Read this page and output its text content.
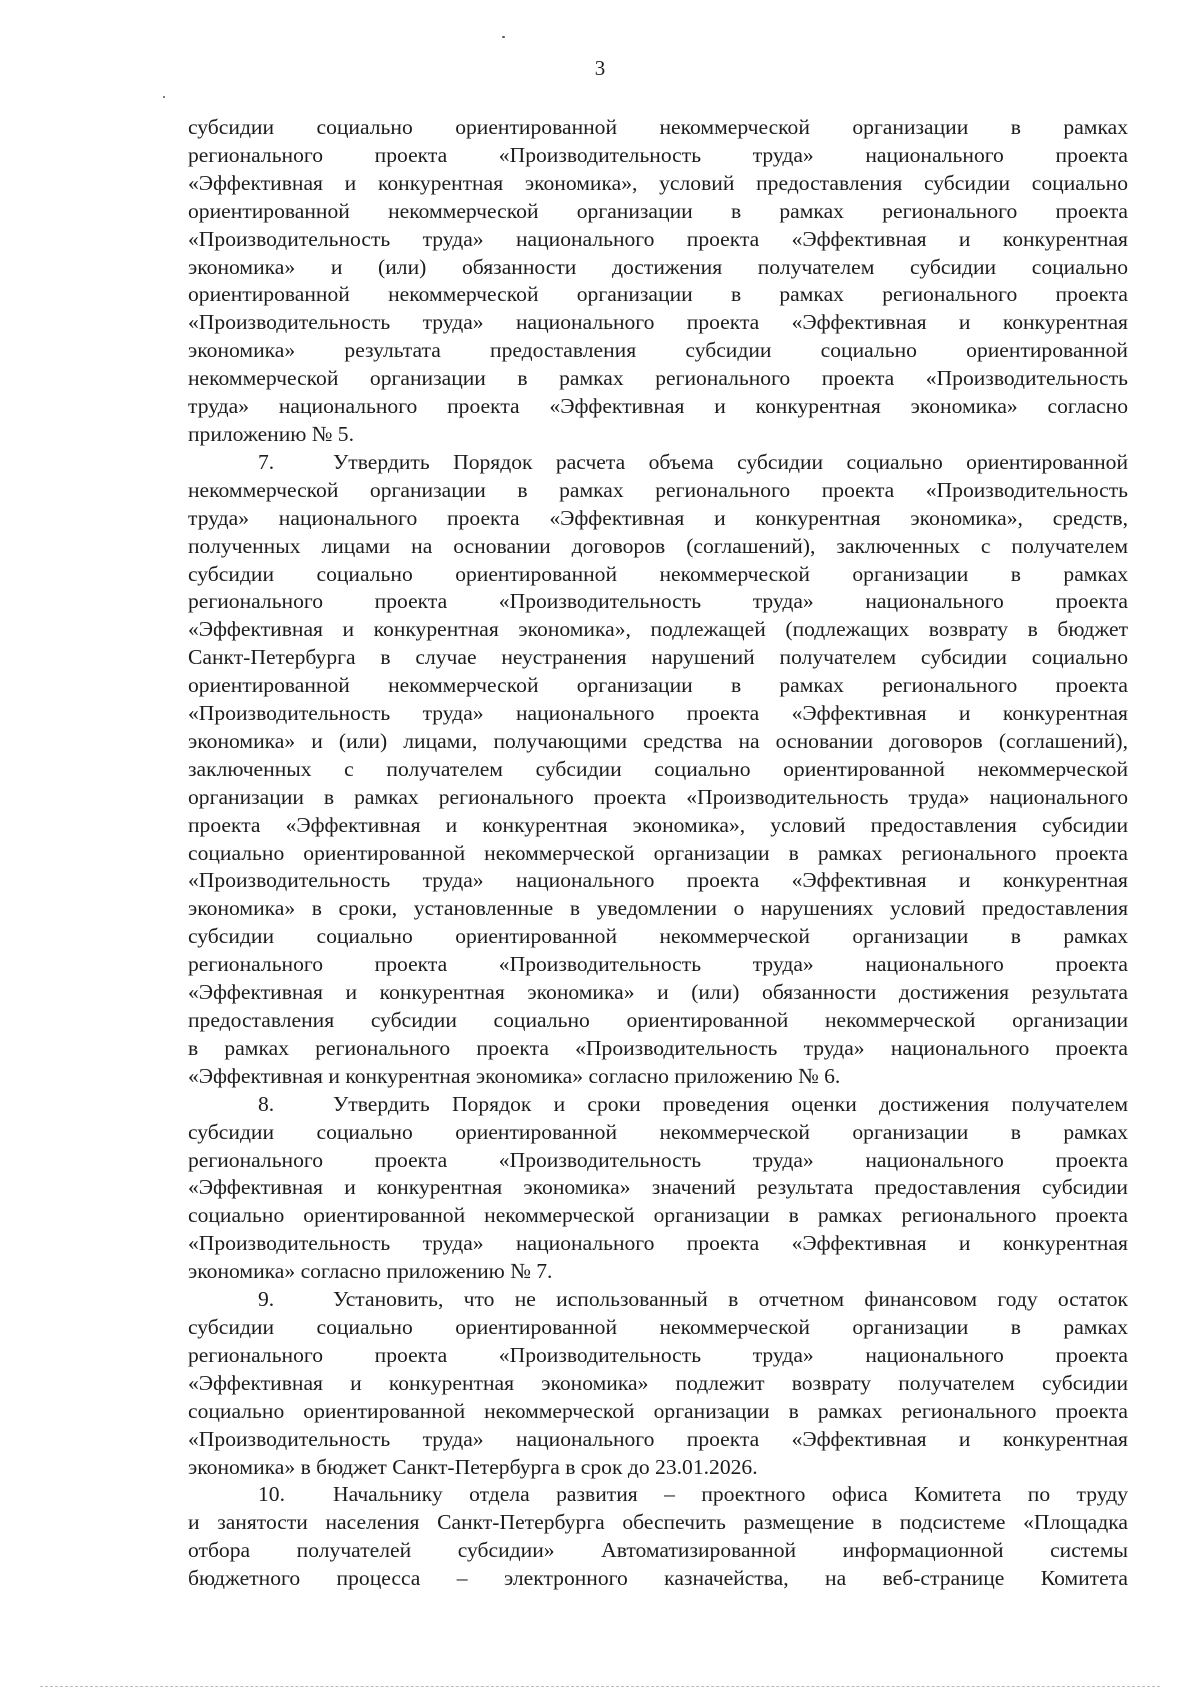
3
субсидии социально ориентированной некоммерческой организации в рамках
регионального проекта «Производительность труда» национального проекта
«Эффективная и конкурентная экономика», условий предоставления субсидии социально
ориентированной некоммерческой организации в рамках регионального проекта
«Производительность труда» национального проекта «Эффективная и конкурентная
экономика» и (или) обязанности достижения получателем субсидии социально
ориентированной некоммерческой организации в рамках регионального проекта
«Производительность труда» национального проекта «Эффективная и конкурентная
экономика» результата предоставления субсидии социально ориентированной
некоммерческой организации в рамках регионального проекта «Производительность
труда» национального проекта «Эффективная и конкурентная экономика» согласно
приложению № 5.
7.	Утвердить Порядок расчета объема субсидии социально ориентированной
некоммерческой организации в рамках регионального проекта «Производительность
труда» национального проекта «Эффективная и конкурентная экономика», средств,
полученных лицами на основании договоров (соглашений), заключенных с получателем
субсидии социально ориентированной некоммерческой организации в рамках
регионального проекта «Производительность труда» национального проекта
«Эффективная и конкурентная экономика», подлежащей (подлежащих возврату в бюджет
Санкт-Петербурга в случае неустранения нарушений получателем субсидии социально
ориентированной некоммерческой организации в рамках регионального проекта
«Производительность труда» национального проекта «Эффективная и конкурентная
экономика» и (или) лицами, получающими средства на основании договоров (соглашений),
заключенных с получателем субсидии социально ориентированной некоммерческой
организации в рамках регионального проекта «Производительность труда» национального
проекта «Эффективная и конкурентная экономика», условий предоставления субсидии
социально ориентированной некоммерческой организации в рамках регионального проекта
«Производительность труда» национального проекта «Эффективная и конкурентная
экономика» в сроки, установленные в уведомлении о нарушениях условий предоставления
субсидии социально ориентированной некоммерческой организации в рамках
регионального проекта «Производительность труда» национального проекта
«Эффективная и конкурентная экономика» и (или) обязанности достижения результата
предоставления субсидии социально ориентированной некоммерческой организации
в рамках регионального проекта «Производительность труда» национального проекта
«Эффективная и конкурентная экономика» согласно приложению № 6.
8.	Утвердить Порядок и сроки проведения оценки достижения получателем
субсидии социально ориентированной некоммерческой организации в рамках
регионального проекта «Производительность труда» национального проекта
«Эффективная и конкурентная экономика» значений результата предоставления субсидии
социально ориентированной некоммерческой организации в рамках регионального проекта
«Производительность труда» национального проекта «Эффективная и конкурентная
экономика» согласно приложению № 7.
9.	Установить, что не использованный в отчетном финансовом году остаток
субсидии социально ориентированной некоммерческой организации в рамках
регионального проекта «Производительность труда» национального проекта
«Эффективная и конкурентная экономика» подлежит возврату получателем субсидии
социально ориентированной некоммерческой организации в рамках регионального проекта
«Производительность труда» национального проекта «Эффективная и конкурентная
экономика» в бюджет Санкт-Петербурга в срок до 23.01.2026.
10. Начальнику отдела развития – проектного офиса Комитета по труду
и занятости населения Санкт-Петербурга обеспечить размещение в подсистеме «Площадка
отбора получателей субсидии» Автоматизированной информационной системы
бюджетного процесса – электронного казначейства, на веб-странице Комитета
